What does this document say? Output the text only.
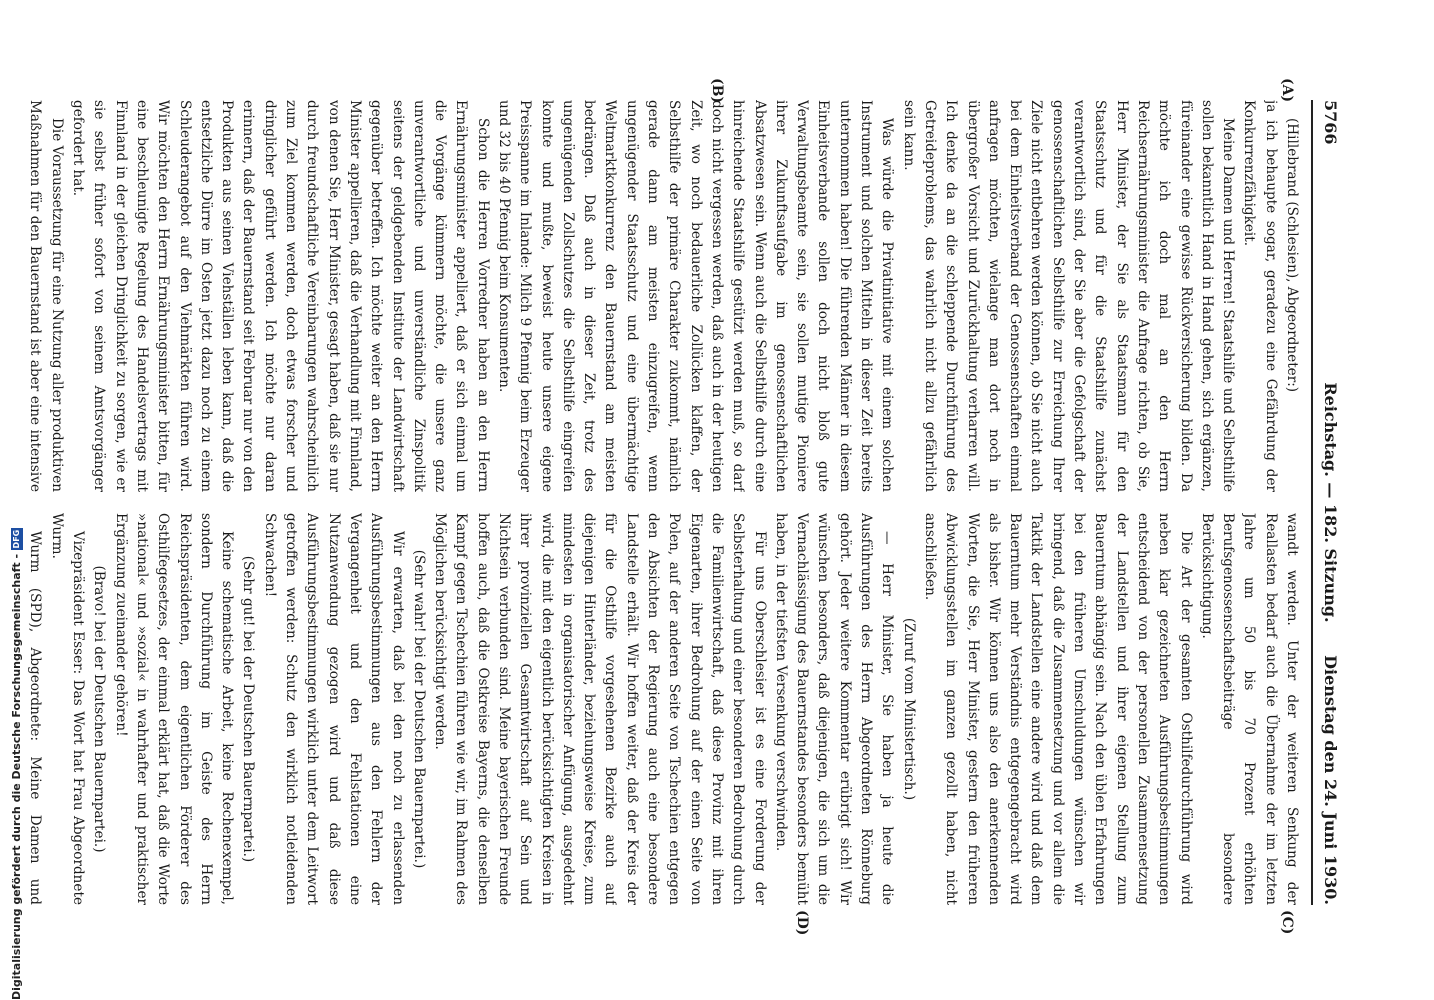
5766
Reichstag. — 182. Sitzung.
Dienstag den 24. Juni 1930.
(A)
(B)
(C)
(D)

(Hillebrand (Schlesien), Abgeordneter:)

ja ich behaupte sogar, geradezu eine Gefährdung der Konkurrenzfähigkeit.

Meine Damen und Herren! Staatshilfe und Selbsthilfe sollen bekanntlich Hand in Hand gehen, sich ergänzen, füreinander eine gewisse Rückversicherung bilden. Da möchte ich doch mal an den Herrn Reichsernährungsminister die Anfrage richten, ob Sie, Herr Minister, der Sie als Staatsmann für den Staatsschutz und für die Staatshilfe zunächst verantwortlich sind, der Sie aber die Gefolgschaft der genossenschaftlichen Selbsthilfe zur Erreichung Ihrer Ziele nicht entbehren werden können, ob Sie nicht auch bei dem Einheitsverband der Genossenschaften einmal anfragen möchten, wielange man dort noch in übergroßer Vorsicht und Zurückhaltung verharren will. Ich denke da an die schleppende Durchführung des Getreideproblems, das wahrlich nicht allzu gefährlich sein kann.

Was würde die Privatinitiative mit einem solchen Instrument und solchen Mitteln in dieser Zeit bereits unternommen haben! Die führenden Männer in diesem Einheitsverbande sollen doch nicht bloß gute Verwaltungsbeamte sein, sie sollen mutige Pioniere ihrer Zukunftsaufgabe im genossenschaftlichen Absatzwesen sein. Wenn auch die Selbsthilfe durch eine hinreichende Staatshilfe gestützt werden muß, so darf doch nicht vergessen werden, daß auch in der heutigen Zeit, wo noch bedauerliche Zollücken klaffen, der Selbsthilfe der primäre Charakter zukommt, nämlich gerade dann am meisten einzugreifen, wenn ungenügender Staatsschutz und eine übermächtige Weltmarktkonkurrenz den Bauernstand am meisten bedrängen. Daß auch in dieser Zeit, trotz des ungenügenden Zollschutzes die Selbsthilfe eingreifen konnte und mußte, beweist heute unsere eigene Preisspanne im Inlande: Milch 9 Pfennig beim Erzeuger und 32 bis 40 Pfennig beim Konsumenten.

Schon die Herren Vorredner haben an den Herrn Ernährungsminister appelliert, daß er sich einmal um die Vorgänge kümmern möchte, die unsere ganz unverantwortliche und unverständliche Zinspolitik seitens der geldgebenden Institute der Landwirtschaft gegenüber betreffen. Ich möchte weiter an den Herrn Minister appellieren, daß die Verhandlung mit Finnland, von denen Sie, Herr Minister, gesagt haben, daß sie nur durch freundschaftliche Vereinbarungen wahrscheinlich zum Ziel kommen werden, doch etwas forscher und dringlicher geführt werden. Ich möchte nur daran erinnern, daß der Bauernstand seit Februar nur von den Produkten aus seinen Viehställen leben kann, daß die entsetzliche Dürre im Osten jetzt dazu noch zu einem Schleuderangebot auf den Viehmärkten führen wird. Wir möchten den Herrn Ernährungsminister bitten, für eine beschleunigte Regelung des Handelsvertrags mit Finnland in der gleichen Dringlichkeit zu sorgen, wie er sie selbst früher sofort von seinem Amtsvorgänger gefordert hat.

Die Voraussetzung für eine Nutzung aller produktiven Maßnahmen für den Bauernstand ist aber eine intensive

wandt werden. Unter der weiteren Senkung der Reallasten bedarf auch die Übernahme der im letzten Jahre um 50 bis 70 Prozent erhöhten Berufsgenossenschaftsbeiträge besondere Berücksichtigung.

Die Art der gesamten Osthilfedurchführung wird neben klar gezeichneten Ausführungsbestimmungen entscheidend von der personellen Zusammensetzung der Landstellen und ihrer eigenen Stellung zum Bauerntum abhängig sein. Nach den üblen Erfahrungen bei den früheren Umschuldungen wünschen wir bringend, daß die Zusammensetzung und vor allem die Taktik der Landstellen eine andere wird und daß dem Bauerntum mehr Verständnis entgegengebracht wird als bisher. Wir können uns also den anerkennenden Worten, die Sie, Herr Minister, gestern den früheren Abwicklungsstellen im ganzen gezollt haben, nicht anschließen.

(Zuruf vom Ministertisch.)

— Herr Minister, Sie haben ja heute die Ausführungen des Herrn Abgeordneten Rönneburg gehört. Jeder weitere Kommentar erübrigt sich! Wir wünschen besonders, daß diejenigen, die sich um die Vernachlässigung des Bauernstandes besonders bemüht haben, in der tiefsten Versenkung verschwinden.

Für uns Oberschlesier ist es eine Forderung der Selbsterhaltung und einer besonderen Bedrohung durch die Familienwirtschaft, daß diese Provinz mit ihren Eigenarten, ihrer Bedrohung auf der einen Seite von Polen, auf der anderen Seite von Tschechien entgegen den Absichten der Regierung auch eine besondere Landstelle erhält. Wir hoffen weiter, daß der Kreis der für die Osthilfe vorgesehenen Bezirke auch auf diejenigen Hinterländer, beziehungsweise Kreise, zum mindesten in organisatorischer Anfügung, ausgedehnt wird, die mit den eigentlich berücksichtigten Kreisen in ihrer provinziellen Gesamtwirtschaft auf Sein und Nichtsein verbunden sind. Meine bayerischen Freunde hoffen auch, daß die Ostkreise Bayerns, die denselben Kampf gegen Tschechien führen wie wir, im Rahmen des Möglichen berücksichtigt werden.

(Sehr wahr! bei der Deutschen Bauernpartei.)

Wir erwarten, daß bei den noch zu erlassenden Ausführungsbestimmungen aus den Fehlern der Vergangenheit und den Fehlstationen eine Nutzanwendung gezogen wird und daß diese Ausführungsbestimmungen wirklich unter dem Leitwort getroffen werden: Schutz den wirklich notleidenden Schwachen!

(Sehr gut! bei der Deutschen Bauernpartei.)

Keine schematische Arbeit, keine Rechenexempel, sondern Durchführung im Geiste des Herrn Reichspräsidenten, dem eigentlichen Förderer des Osthilfegesetzes, der einmal erklärt hat, daß die Worte »national« und »sozial« in wahrhafter und praktischer Ergänzung zueinander gehören!

(Bravo! bei der Deutschen Bauernpartei.)

Vizepräsident Esser: Das Wort hat Frau Abgeordnete Wurm.

Wurm (SPD), Abgeordnete: Meine Damen und

Digitalisierung gefördert durch die Deutsche Forschungsgemeinschaft - DFG
